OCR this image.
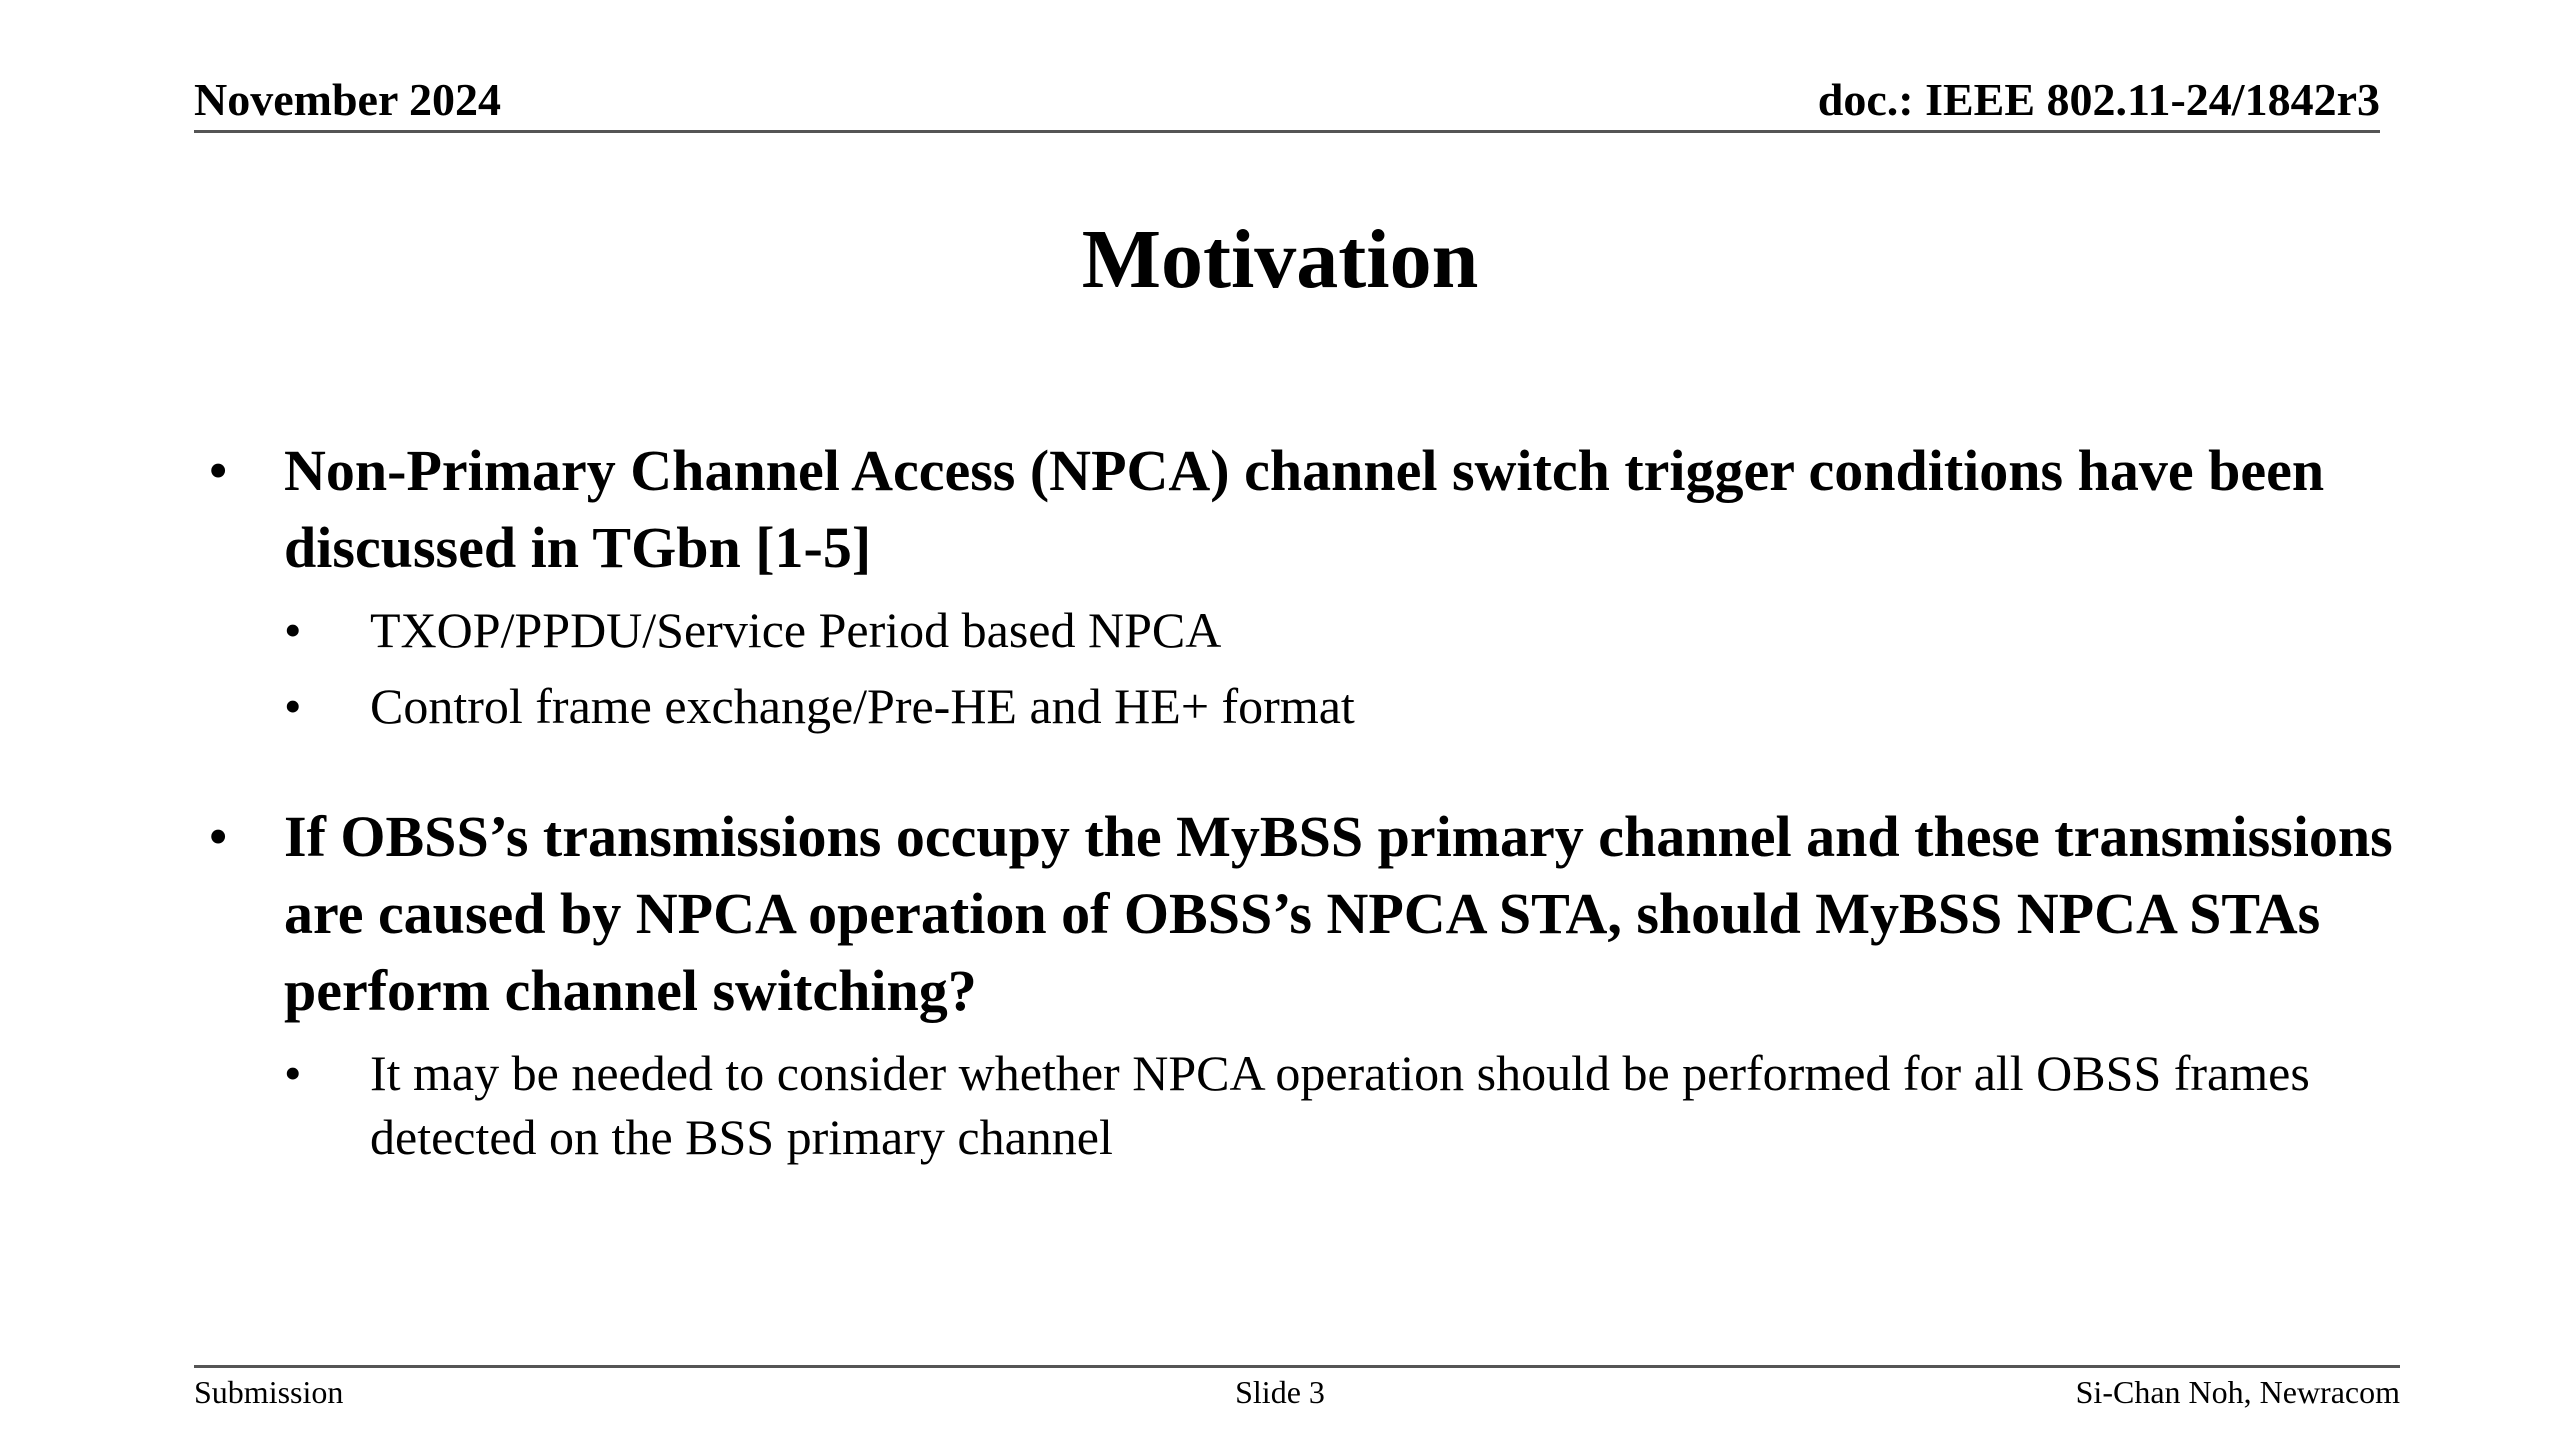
November 2024	doc.: IEEE 802.11-24/1842r3
Motivation
• Non-Primary Channel Access (NPCA) channel switch trigger conditions have been discussed in TGbn [1-5]
• TXOP/PPDU/Service Period based NPCA
• Control frame exchange/Pre-HE and HE+ format
• If OBSS’s transmissions occupy the MyBSS primary channel and these transmissions are caused by NPCA operation of OBSS’s NPCA STA, should MyBSS NPCA STAs perform channel switching?
• It may be needed to consider whether NPCA operation should be performed for all OBSS frames detected on the BSS primary channel
Submission	Slide 3	Si-Chan Noh, Newracom
